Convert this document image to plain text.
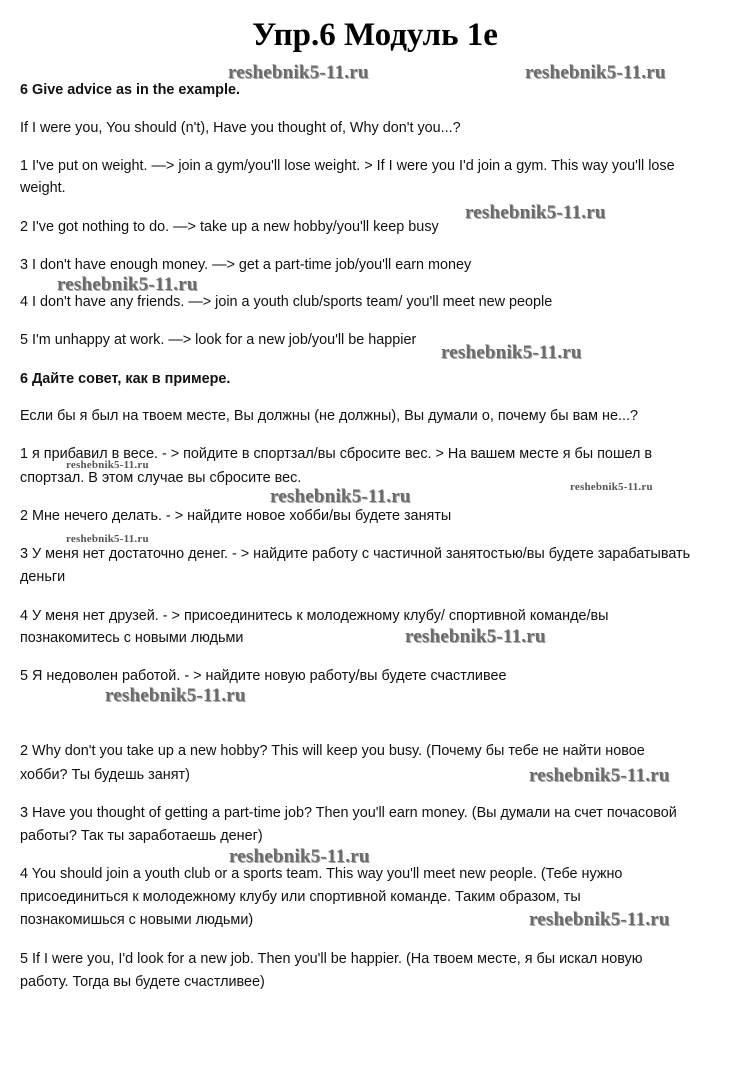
Упр.6 Модуль 1е
6 Give advice as in the example.
If I were you, You should (n't), Have you thought of, Why don't you...?
1 I've put on weight. —> join a gym/you'll lose weight. > If I were you I'd join a gym. This way you'll lose
weight.
2 I've got nothing to do. —> take up a new hobby/you'll keep busy
3 I don't have enough money. —> get a part-time job/you'll earn money
4 I don't have any friends. —> join a youth club/sports team/ you'll meet new people
5 I'm unhappy at work. —> look for a new job/you'll be happier
6 Дайте совет, как в примере.
Если бы я был на твоем месте, Вы должны (не должны), Вы думали о, почему бы вам не...?
1 я прибавил в весе. - > пойдите в спортзал/вы сбросите вес. > На вашем месте я бы пошел в
спортзал. В этом случае вы сбросите вес.
2 Мне нечего делать. - > найдите новое хобби/вы будете заняты
3 У меня нет достаточно денег. - > найдите работу с частичной занятостью/вы будете зарабатывать
деньги
4 У меня нет друзей. - > присоединитесь к молодежному клубу/ спортивной команде/вы
познакомитесь с новыми людьми
5 Я недоволен работой. - > найдите новую работу/вы будете счастливее
2 Why don't you take up a new hobby? This will keep you busy. (Почему бы тебе не найти новое
хобби? Ты будешь занят)
3 Have you thought of getting a part-time job? Then you'll earn money. (Вы думали на счет почасовой
работы? Так ты заработаешь денег)
4 You should join a youth club or a sports team. This way you'll meet new people. (Тебе нужно
присоединиться к молодежному клубу или спортивной команде. Таким образом, ты
познакомишься с новыми людьми)
5 If I were you, I'd look for a new job. Then you'll be happier. (На твоем месте, я бы искал новую
работу. Тогда вы будете счастливее)
reshebnik5-11.ru	reshebnik5-11.ru
reshebnik5-11.ru
reshebnik5-11.ru
reshebnik5-11.ru
reshebnik5-11.ru
reshebnik5-11.ru
reshebnik5-11.ru
reshebnik5-11.ru
reshebnik5-11.ru
reshebnik5-11.ru
reshebnik5-11.ru
reshebnik5-11.ru
reshebnik5-11.ru
